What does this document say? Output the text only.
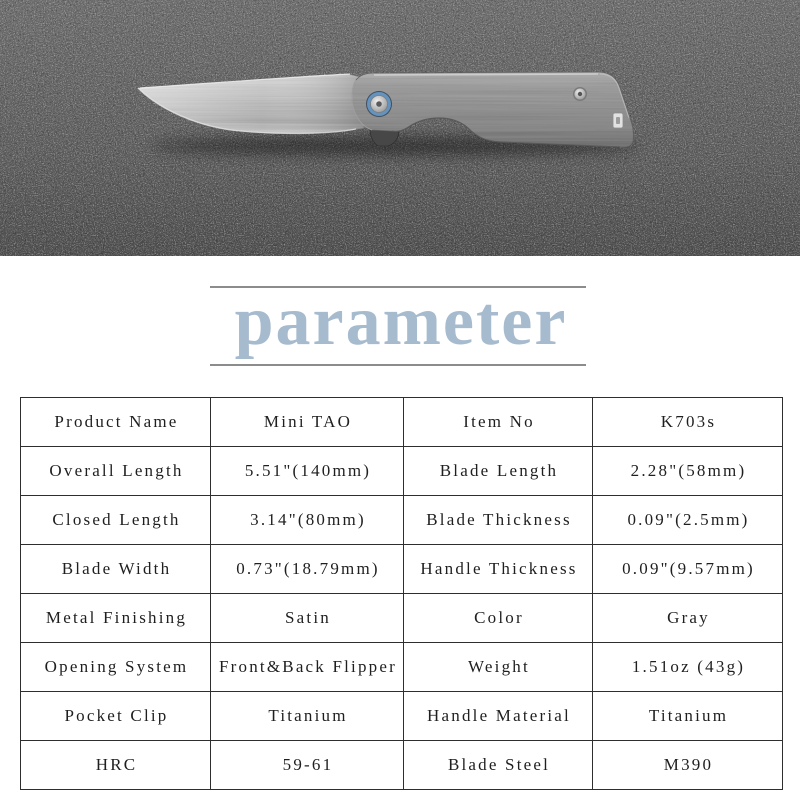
parameter
Product Name	Mini TAO	Item No	K703s
Overall Length	5.51"(140mm)	Blade Length	2.28"(58mm)
Closed Length	3.14"(80mm)	Blade Thickness	0.09"(2.5mm)
Blade Width	0.73"(18.79mm)	Handle Thickness	0.09"(9.57mm)
Metal Finishing	Satin	Color	Gray
Opening System	Front&Back Flipper	Weight	1.51oz (43g)
Pocket Clip	Titanium	Handle Material	Titanium
HRC	59-61	Blade Steel	M390
